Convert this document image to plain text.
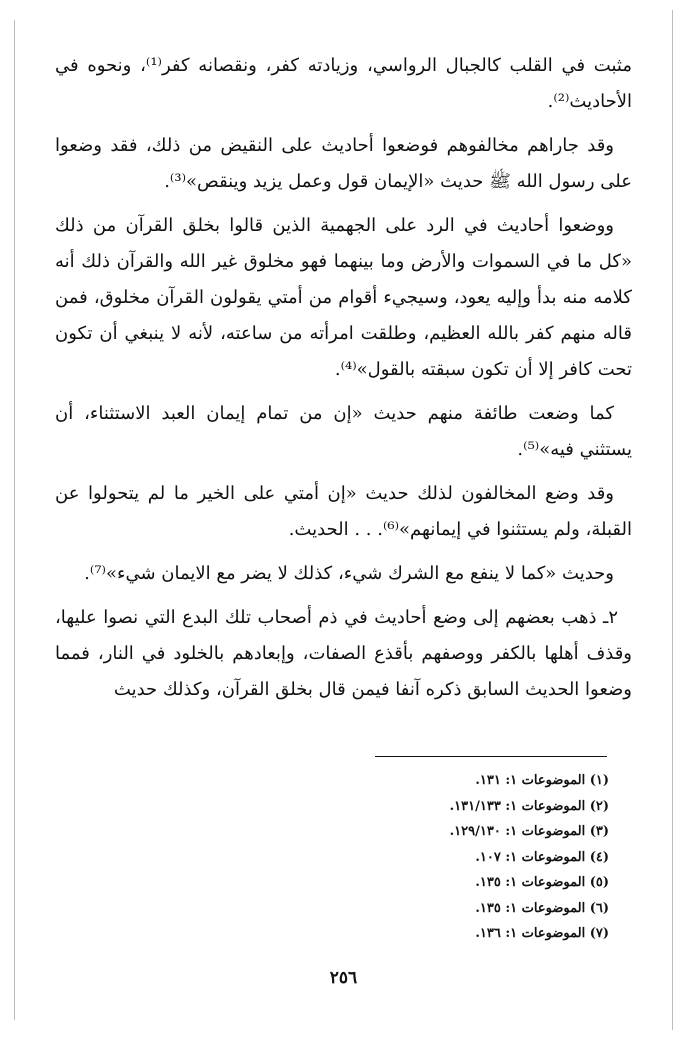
مثبت في القلب كالجبال الرواسي، وزيادته كفر، ونقصانه كفر⁽¹⁾، ونحوه في الأحاديث⁽²⁾.

وقد جاراهم مخالفوهم فوضعوا أحاديث على النقيض من ذلك، فقد وضعوا على رسول الله ﷺ حديث «الإيمان قول وعمل يزيد وينقص»⁽³⁾.

ووضعوا أحاديث في الرد على الجهمية الذين قالوا بخلق القرآن من ذلك «كل ما في السموات والأرض وما بينهما فهو مخلوق غير الله والقرآن ذلك أنه كلامه منه بدأ وإليه يعود، وسيجيء أقوام من أمتي يقولون القرآن مخلوق، فمن قاله منهم كفر بالله العظيم، وطلقت امرأته من ساعته، لأنه لا ينبغي أن تكون تحت كافر إلا أن تكون سبقته بالقول»⁽⁴⁾.

كما وضعت طائفة منهم حديث «إن من تمام إيمان العبد الاستثناء، أن يستثني فيه»⁽⁵⁾.

وقد وضع المخالفون لذلك حديث «إن أمتي على الخير ما لم يتحولوا عن القبلة، ولم يستثنوا في إيمانهم»⁽⁶⁾. . . الحديث.

وحديث «كما لا ينفع مع الشرك شيء، كذلك لا يضر مع الايمان شيء»⁽⁷⁾.

٢ـ ذهب بعضهم إلى وضع أحاديث في ذم أصحاب تلك البدع التي نصوا عليها، وقذف أهلها بالكفر ووصفهم بأقذع الصفات، وإبعادهم بالخلود في النار، فمما وضعوا الحديث السابق ذكره آنفا فيمن قال بخلق القرآن، وكذلك حديث

(١) الموضوعات ١: ١٣١.
(٢) الموضوعات ١: ١٣١/١٣٣.
(٣) الموضوعات ١: ١٢٩/١٣٠.
(٤) الموضوعات ١: ١٠٧.
(٥) الموضوعات ١: ١٣٥.
(٦) الموضوعات ١: ١٣٥.
(٧) الموضوعات ١: ١٣٦.
٢٥٦
